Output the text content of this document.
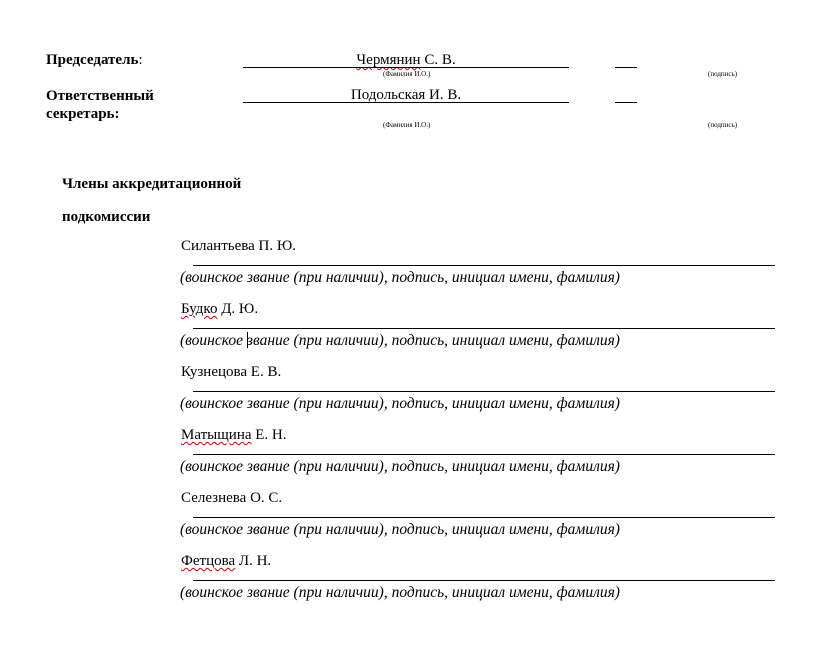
Председатель:	Чермянин С. В.
(Фамилия И.О.)	(подпись)
Ответственный
секретарь:
Подольская И. В.
(Фамилия И.О.)	(подпись)
Члены аккредитационной
подкомиссии
Силантьева П. Ю.
(воинское звание (при наличии), подпись, инициал имени, фамилия)
Будко Д. Ю.
(воинское звание (при наличии), подпись, инициал имени, фамилия)
Кузнецова Е. В.
(воинское звание (при наличии), подпись, инициал имени, фамилия)
Матыщина Е. Н.
(воинское звание (при наличии), подпись, инициал имени, фамилия)
Селезнева О. С.
(воинское звание (при наличии), подпись, инициал имени, фамилия)
Фетцова Л. Н.
(воинское звание (при наличии), подпись, инициал имени, фамилия)
